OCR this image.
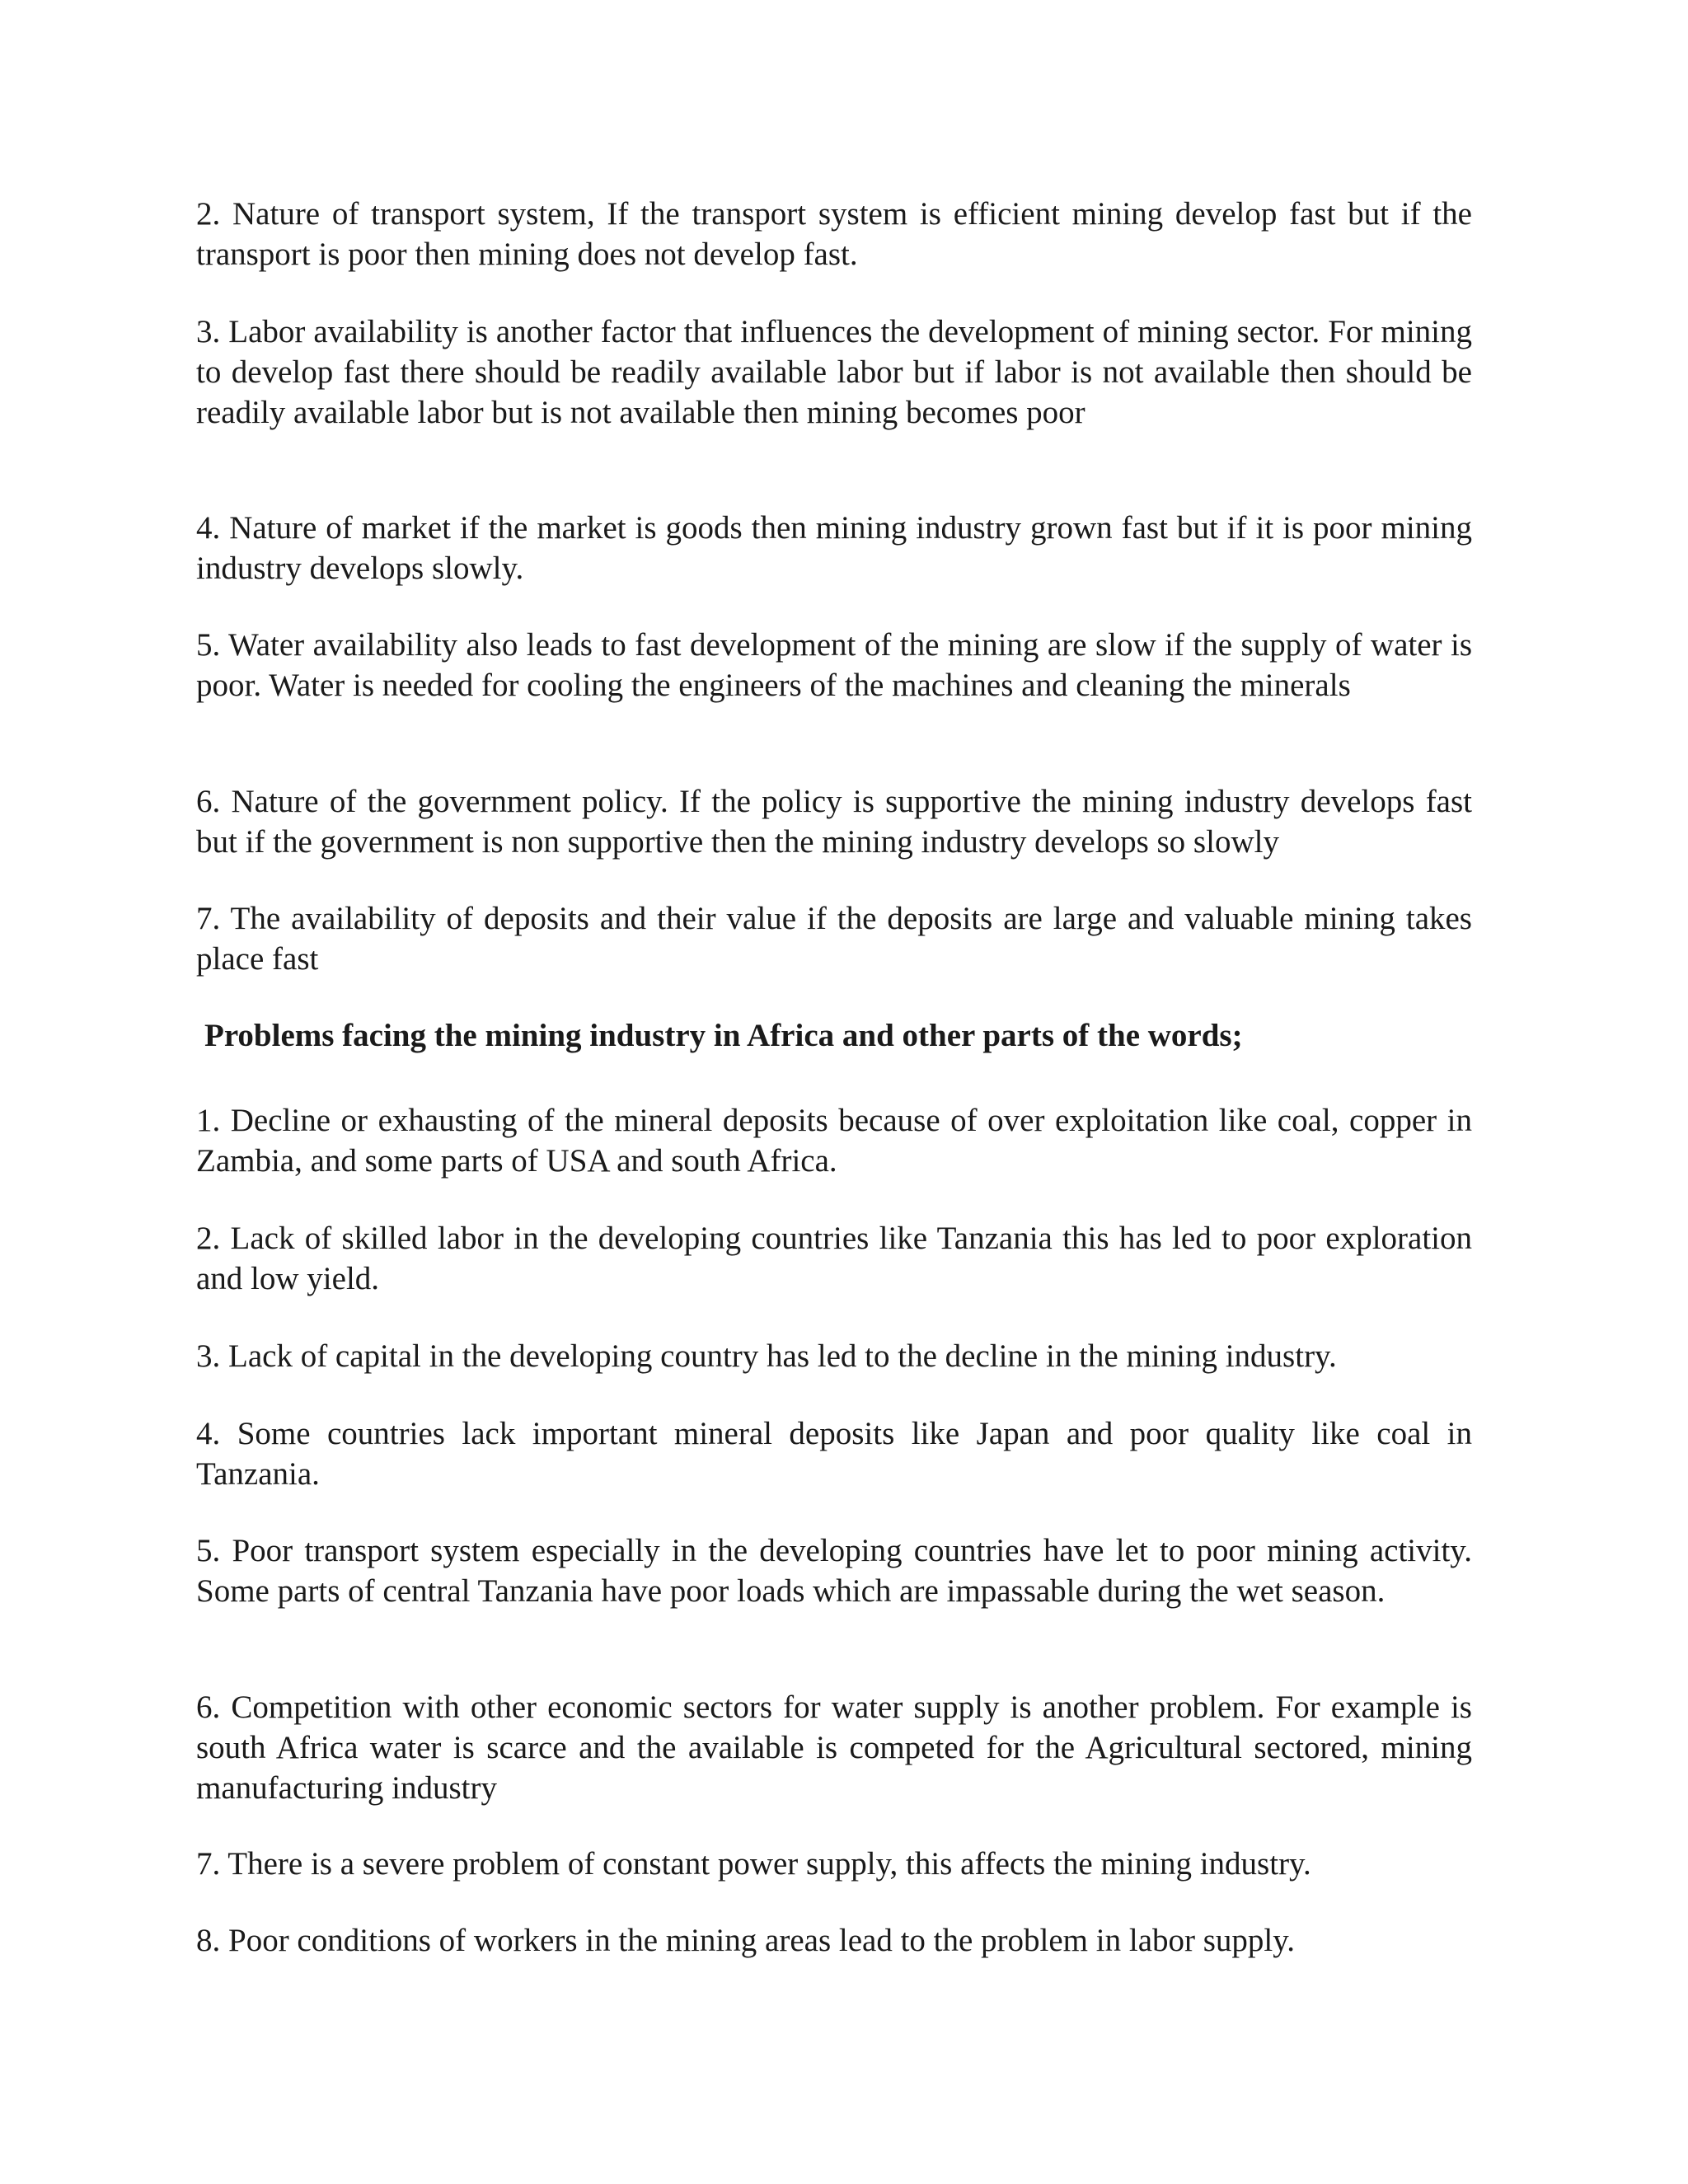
2. Nature of transport system, If the transport system is efficient mining develop fast but if the transport is poor then mining does not develop fast.

3. Labor availability is another factor that influences the development of mining sector. For mining to develop fast there should be readily available labor but if labor is not available then should be readily available labor but is not available then mining becomes poor

4. Nature of market if the market is goods then mining industry grown fast but if it is poor mining industry develops slowly.

5. Water availability also leads to fast development of the mining are slow if the supply of water is poor. Water is needed for cooling the engineers of the machines and cleaning the minerals

6. Nature of the government policy. If the policy is supportive the mining industry develops fast but if the government is non supportive then the mining industry develops so slowly

7. The availability of deposits and their value if the deposits are large and valuable mining takes place fast

Problems facing the mining industry in Africa and other parts of the words;

1. Decline or exhausting of the mineral deposits because of over exploitation like coal, copper in Zambia, and some parts of USA and south Africa.

2. Lack of skilled labor in the developing countries like Tanzania this has led to poor exploration and low yield.

3. Lack of capital in the developing country has led to the decline in the mining industry.

4. Some countries lack important mineral deposits like Japan and poor quality like coal in Tanzania.

5. Poor transport system especially in the developing countries have let to poor mining activity. Some parts of central Tanzania have poor loads which are impassable during the wet season.

6. Competition with other economic sectors for water supply is another problem. For example is south Africa water is scarce and the available is competed for the Agricultural sectored, mining manufacturing industry

7. There is a severe problem of constant power supply, this affects the mining industry.

8. Poor conditions of workers in the mining areas lead to the problem in labor supply.
